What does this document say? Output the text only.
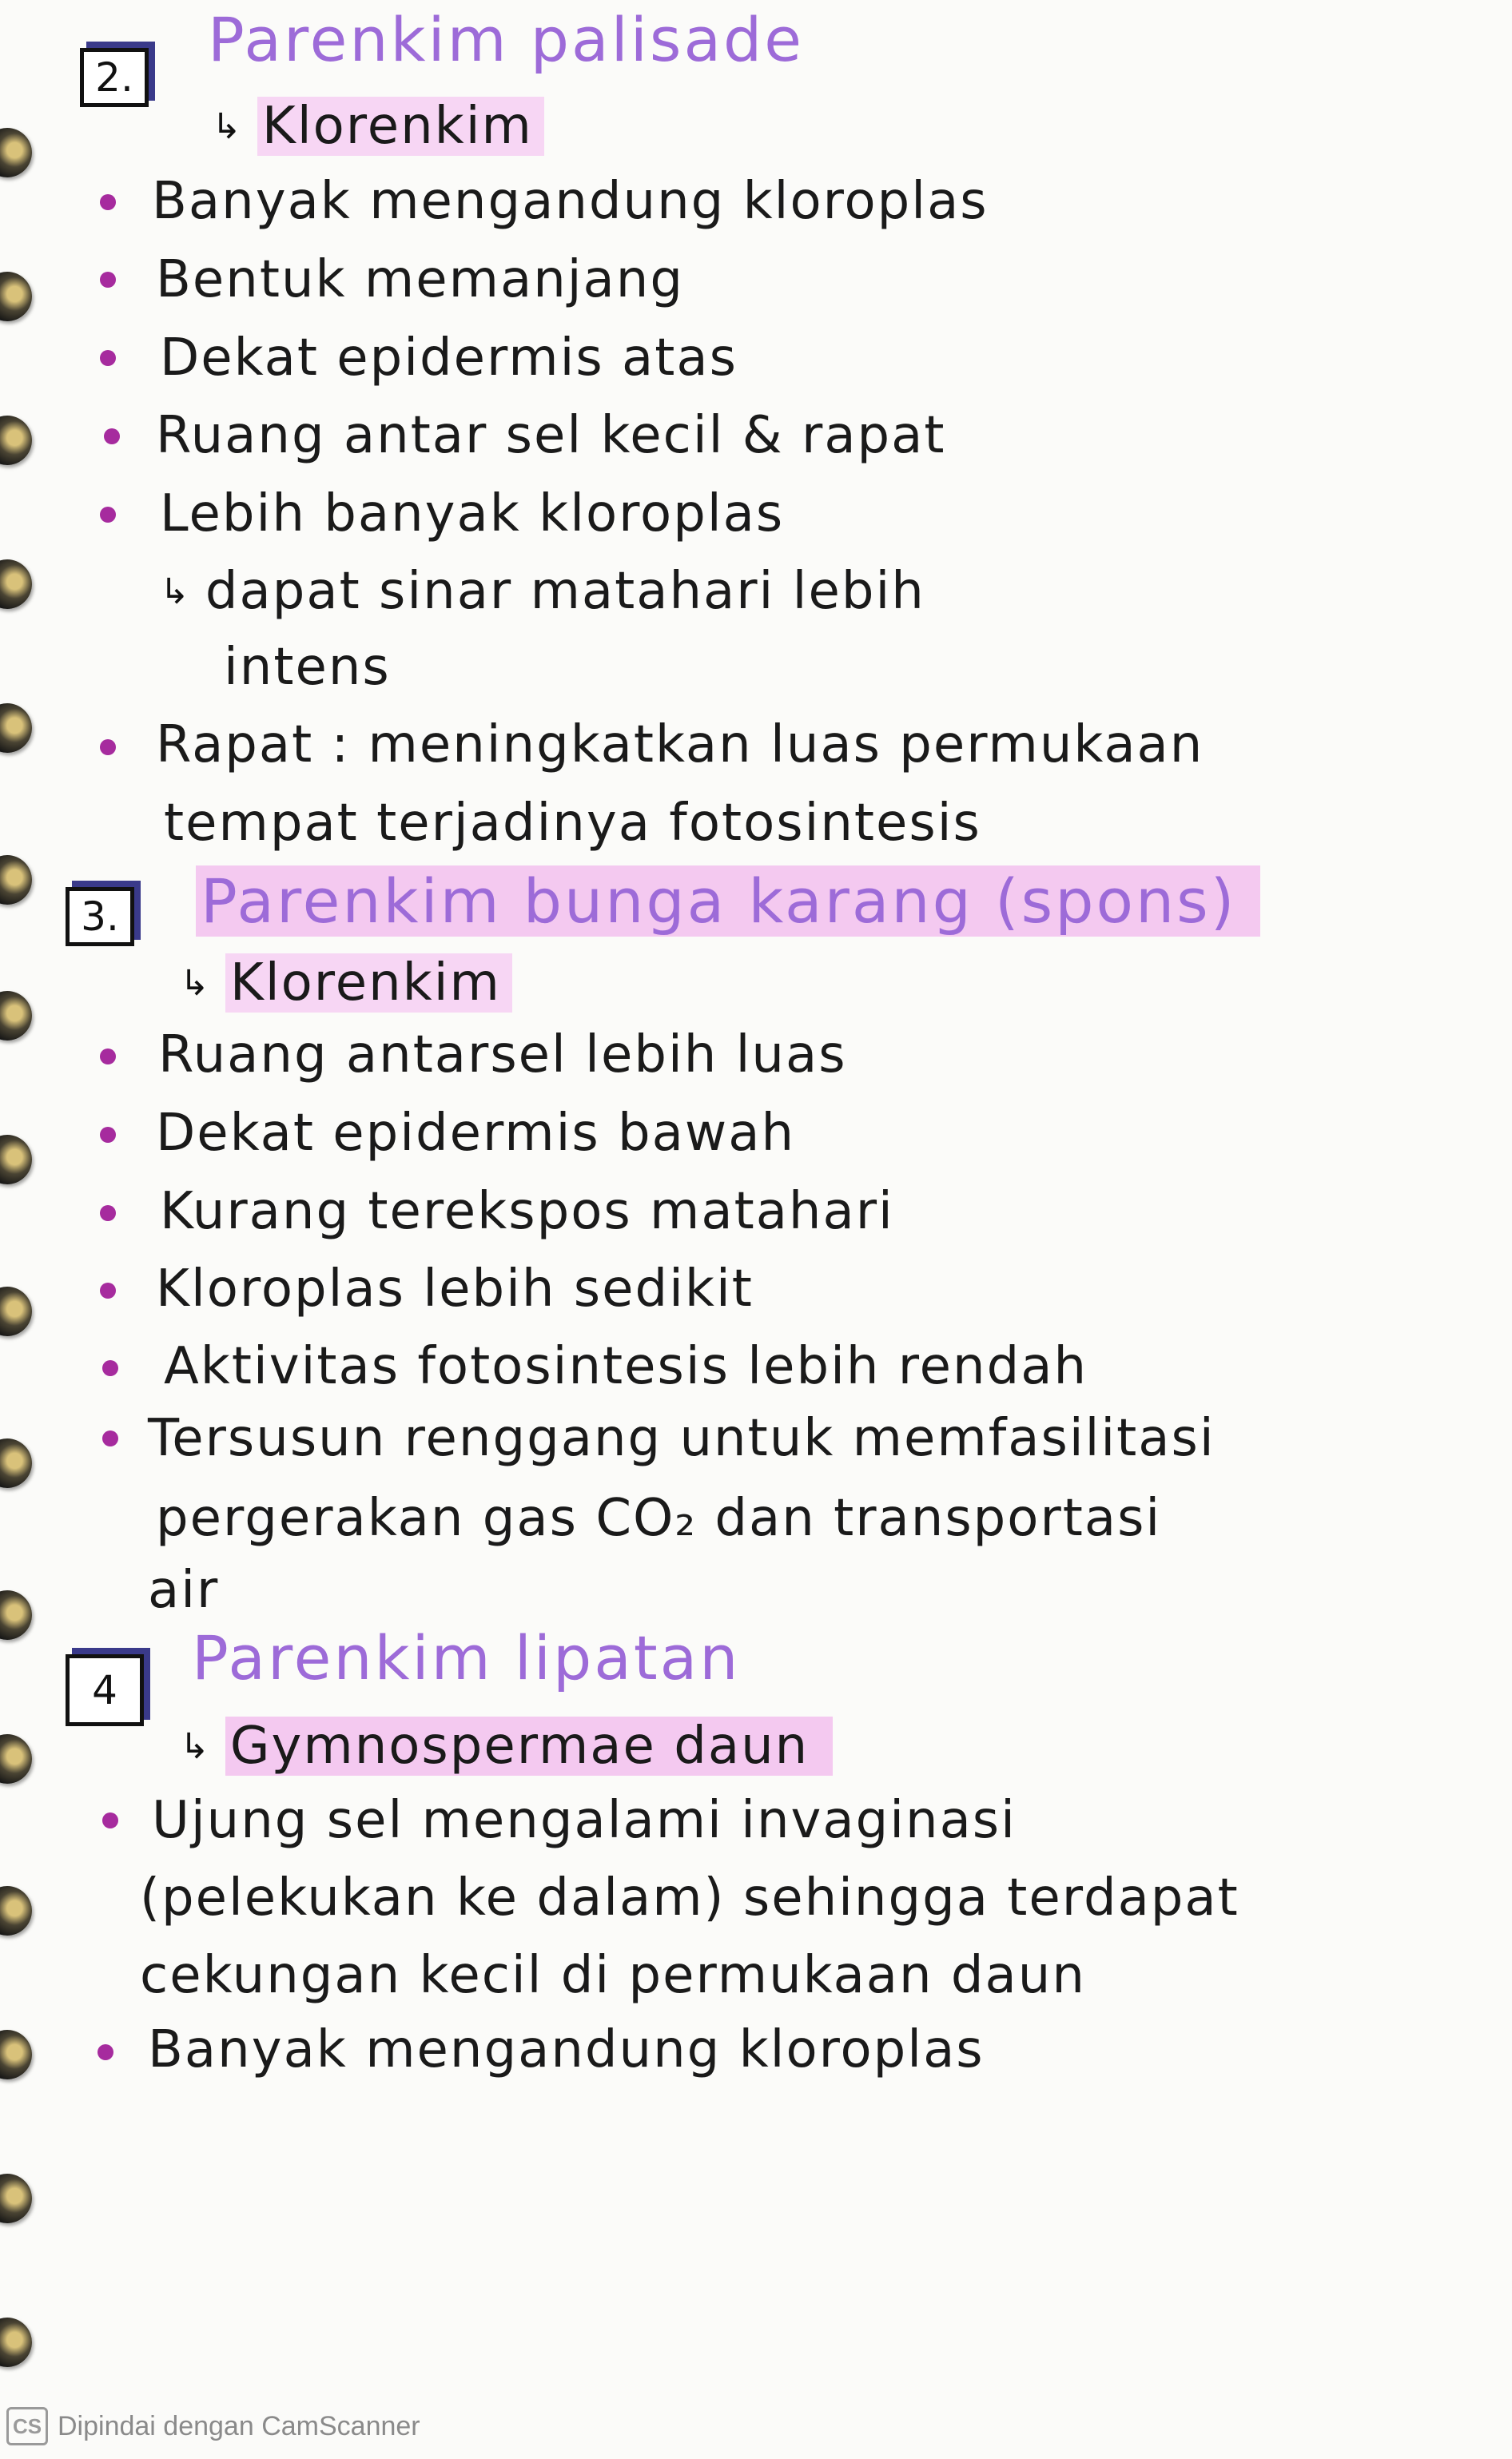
2.
Parenkim palisade
↳ Klorenkim
Banyak mengandung kloroplas
Bentuk memanjang
Dekat epidermis atas
Ruang antar sel kecil & rapat
Lebih banyak kloroplas
↳ dapat sinar matahari lebih
intens
Rapat : meningkatkan luas permukaan
tempat terjadinya fotosintesis
3. Parenkim bunga karang (spons)
↳ Klorenkim
Ruang antarsel lebih luas
Dekat epidermis bawah
Kurang terekspos matahari
Kloroplas lebih sedikit
Aktivitas fotosintesis lebih rendah
Tersusun renggang untuk memfasilitasi
pergerakan gas CO₂ dan transportasi
air
4	Parenkim lipatan
↳ Gymnospermae daun
Ujung sel mengalami invaginasi
(pelekukan ke dalam) sehingga terdapat
cekungan kecil di permukaan daun
Banyak mengandung kloroplas
CS Dipindai dengan CamScanner
